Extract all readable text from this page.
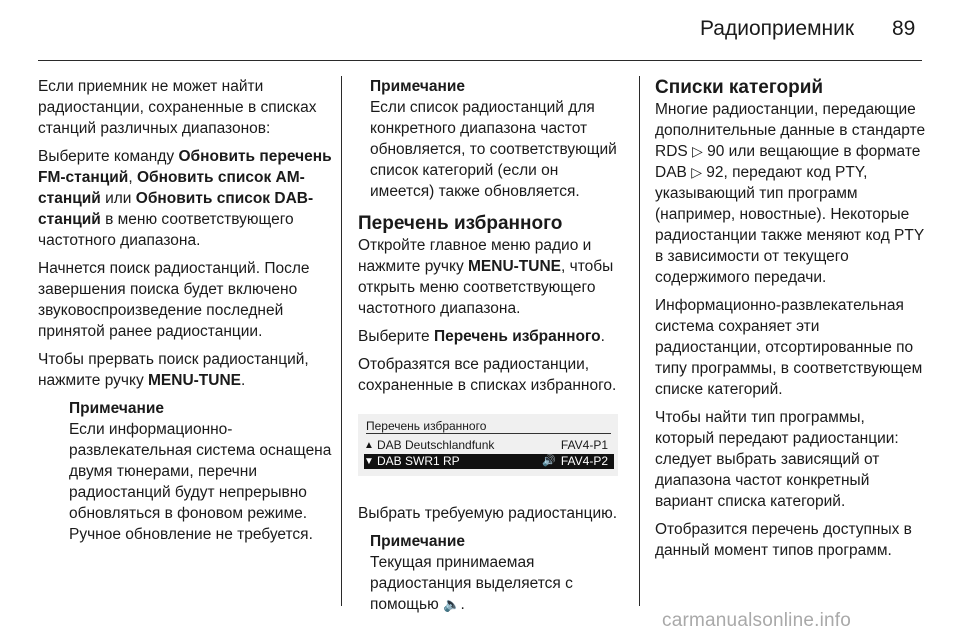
Радиоприемник 89

Если приемник не может найти радиостанции, сохраненные в списках станций различных диапазонов:

Выберите команду Обновить перечень FM-станций, Обновить список AM-станций или Обновить список DAB-станций в меню соответствующего частотного диапазона.

Начнется поиск радиостанций. После завершения поиска будет включено звуковоспроизведение последней принятой ранее радиостанции.

Чтобы прервать поиск радиостанций, нажмите ручку MENU-TUNE.

Примечание
Если информационно-развлекательная система оснащена двумя тюнерами, перечни радиостанций будут непрерывно обновляться в фоновом режиме. Ручное обновление не требуется.
Примечание
Если список радиостанций для конкретного диапазона частот обновляется, то соответствующий список категорий (если он имеется) также обновляется.
Перечень избранного

Откройте главное меню радио и нажмите ручку MENU-TUNE, чтобы открыть меню соответствующего частотного диапазона.

Выберите Перечень избранного.

Отобразятся все радиостанции, сохраненные в списках избранного.

Перечень избранного
▲ DAB Deutschlandfunk	FAV4-P1
▼ DAB SWR1 RP	🔊 FAV4-P2

Выбрать требуемую радиостанцию.

Примечание
Текущая принимаемая радиостанция выделяется с помощью 🔈.
Списки категорий

Многие радиостанции, передающие дополнительные данные в стандарте RDS ▷ 90 или вещающие в формате DAB ▷ 92, передают код PTY, указывающий тип программ (например, новостные). Некоторые радиостанции также меняют код PTY в зависимости от текущего содержимого передачи.

Информационно-развлекательная система сохраняет эти радиостанции, отсортированные по типу программы, в соответствующем списке категорий.

Чтобы найти тип программы, который передают радиостанции: следует выбрать зависящий от диапазона частот конкретный вариант списка категорий.

Отобразится перечень доступных в данный момент типов программ.

carmanualsonline.info
